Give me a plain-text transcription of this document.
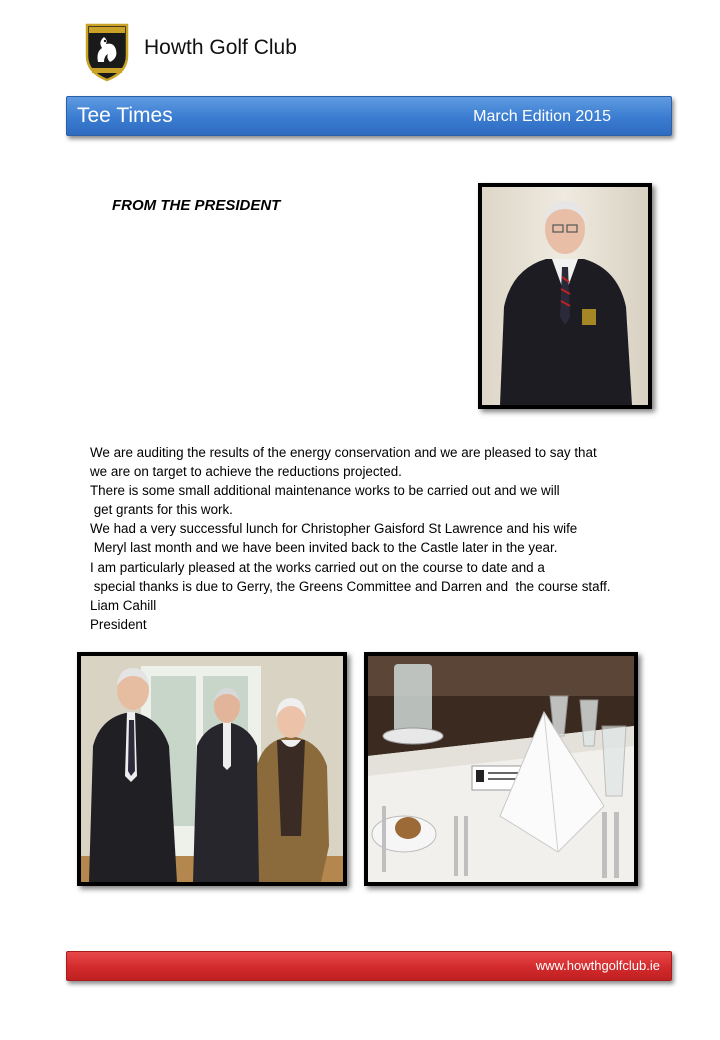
Howth Golf Club
Tee Times	March Edition 2015
FROM THE PRESIDENT
We are auditing the results of the energy conservation and we are pleased to say that
we are on target to achieve the reductions projected.
There is some small additional maintenance works to be carried out and we will
get grants for this work.
We had a very successful lunch for Christopher Gaisford St Lawrence and his wife
Meryl last month and we have been invited back to the Castle later in the year.
I am particularly pleased at the works carried out on the course to date and a
special thanks is due to Gerry, the Greens Committee and Darren and  the course staff.
Liam Cahill
President
www.howthgolfclub.ie
